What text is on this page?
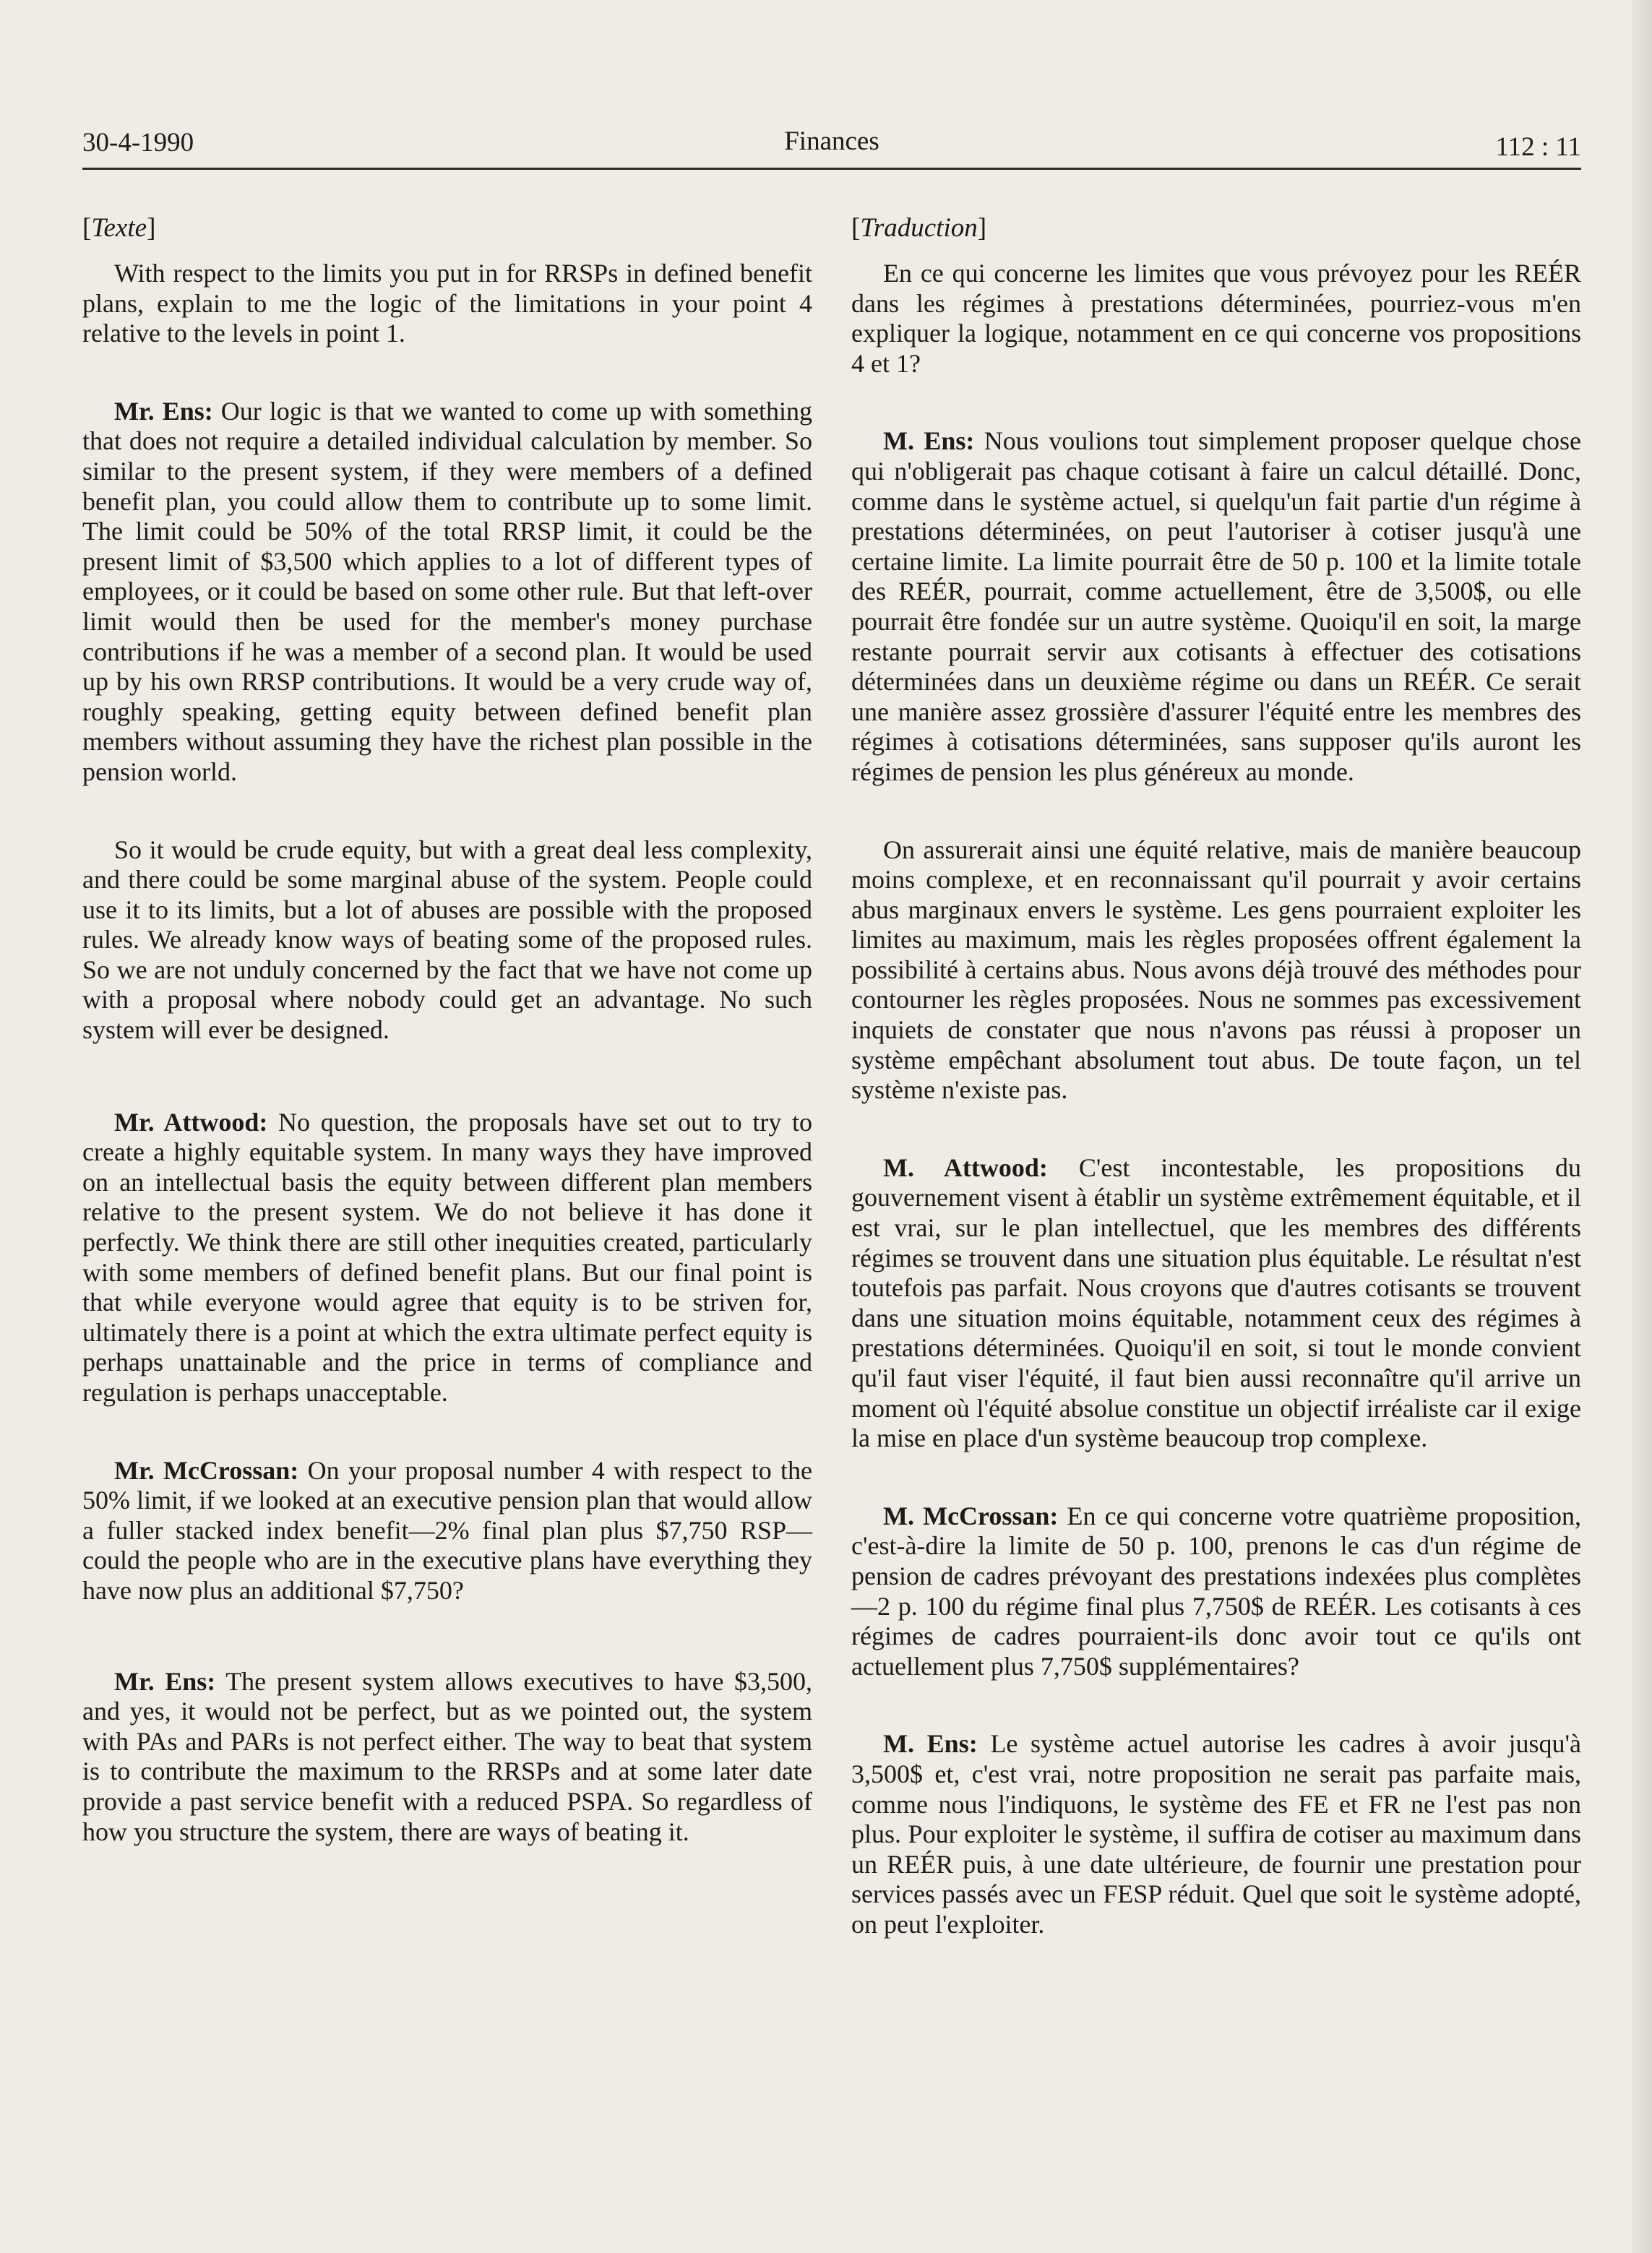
30-4-1990	Finances	112 : 11
[Texte]

With respect to the limits you put in for RRSPs in defined benefit plans, explain to me the logic of the limitations in your point 4 relative to the levels in point 1.

Mr. Ens: Our logic is that we wanted to come up with something that does not require a detailed individual calculation by member. So similar to the present system, if they were members of a defined benefit plan, you could allow them to contribute up to some limit. The limit could be 50% of the total RRSP limit, it could be the present limit of $3,500 which applies to a lot of different types of employees, or it could be based on some other rule. But that left-over limit would then be used for the member's money purchase contributions if he was a member of a second plan. It would be used up by his own RRSP contributions. It would be a very crude way of, roughly speaking, getting equity between defined benefit plan members without assuming they have the richest plan possible in the pension world.

So it would be crude equity, but with a great deal less complexity, and there could be some marginal abuse of the system. People could use it to its limits, but a lot of abuses are possible with the proposed rules. We already know ways of beating some of the proposed rules. So we are not unduly concerned by the fact that we have not come up with a proposal where nobody could get an advantage. No such system will ever be designed.

Mr. Attwood: No question, the proposals have set out to try to create a highly equitable system. In many ways they have improved on an intellectual basis the equity between different plan members relative to the present system. We do not believe it has done it perfectly. We think there are still other inequities created, particularly with some members of defined benefit plans. But our final point is that while everyone would agree that equity is to be striven for, ultimately there is a point at which the extra ultimate perfect equity is perhaps unattainable and the price in terms of compliance and regulation is perhaps unacceptable.

Mr. McCrossan: On your proposal number 4 with respect to the 50% limit, if we looked at an executive pension plan that would allow a fuller stacked index benefit—2% final plan plus $7,750 RSP—could the people who are in the executive plans have everything they have now plus an additional $7,750?

Mr. Ens: The present system allows executives to have $3,500, and yes, it would not be perfect, but as we pointed out, the system with PAs and PARs is not perfect either. The way to beat that system is to contribute the maximum to the RRSPs and at some later date provide a past service benefit with a reduced PSPA. So regardless of how you structure the system, there are ways of beating it.

[Traduction]

En ce qui concerne les limites que vous prévoyez pour les REÉR dans les régimes à prestations déterminées, pourriez-vous m'en expliquer la logique, notamment en ce qui concerne vos propositions 4 et 1?

M. Ens: Nous voulions tout simplement proposer quelque chose qui n'obligerait pas chaque cotisant à faire un calcul détaillé. Donc, comme dans le système actuel, si quelqu'un fait partie d'un régime à prestations déterminées, on peut l'autoriser à cotiser jusqu'à une certaine limite. La limite pourrait être de 50 p. 100 et la limite totale des REÉR, pourrait, comme actuellement, être de 3,500$, ou elle pourrait être fondée sur un autre système. Quoiqu'il en soit, la marge restante pourrait servir aux cotisants à effectuer des cotisations déterminées dans un deuxième régime ou dans un REÉR. Ce serait une manière assez grossière d'assurer l'équité entre les membres des régimes à cotisations déterminées, sans supposer qu'ils auront les régimes de pension les plus généreux au monde.

On assurerait ainsi une équité relative, mais de manière beaucoup moins complexe, et en reconnaissant qu'il pourrait y avoir certains abus marginaux envers le système. Les gens pourraient exploiter les limites au maximum, mais les règles proposées offrent également la possibilité à certains abus. Nous avons déjà trouvé des méthodes pour contourner les règles proposées. Nous ne sommes pas excessivement inquiets de constater que nous n'avons pas réussi à proposer un système empêchant absolument tout abus. De toute façon, un tel système n'existe pas.

M. Attwood: C'est incontestable, les propositions du gouvernement visent à établir un système extrêmement équitable, et il est vrai, sur le plan intellectuel, que les membres des différents régimes se trouvent dans une situation plus équitable. Le résultat n'est toutefois pas parfait. Nous croyons que d'autres cotisants se trouvent dans une situation moins équitable, notamment ceux des régimes à prestations déterminées. Quoiqu'il en soit, si tout le monde convient qu'il faut viser l'équité, il faut bien aussi reconnaître qu'il arrive un moment où l'équité absolue constitue un objectif irréaliste car il exige la mise en place d'un système beaucoup trop complexe.

M. McCrossan: En ce qui concerne votre quatrième proposition, c'est-à-dire la limite de 50 p. 100, prenons le cas d'un régime de pension de cadres prévoyant des prestations indexées plus complètes—2 p. 100 du régime final plus 7,750$ de REÉR. Les cotisants à ces régimes de cadres pourraient-ils donc avoir tout ce qu'ils ont actuellement plus 7,750$ supplémentaires?

M. Ens: Le système actuel autorise les cadres à avoir jusqu'à 3,500$ et, c'est vrai, notre proposition ne serait pas parfaite mais, comme nous l'indiquons, le système des FE et FR ne l'est pas non plus. Pour exploiter le système, il suffira de cotiser au maximum dans un REÉR puis, à une date ultérieure, de fournir une prestation pour services passés avec un FESP réduit. Quel que soit le système adopté, on peut l'exploiter.
